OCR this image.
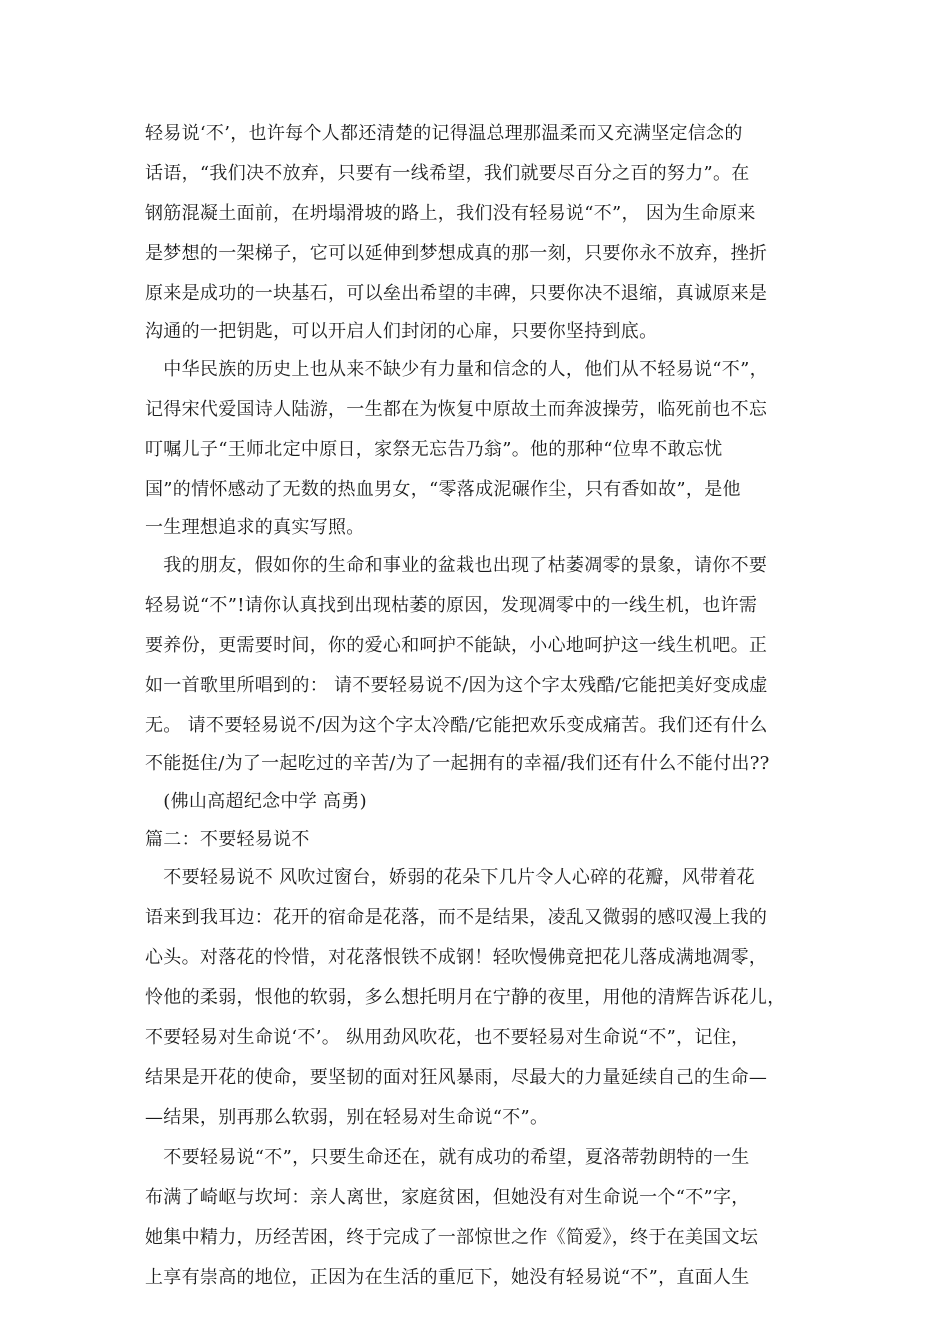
轻易说‘不’，也许每个人都还清楚的记得温总理那温柔而又充满坚定信念的

话语，“我们决不放弃，只要有一线希望，我们就要尽百分之百的努力”。在

钢筋混凝土面前，在坍塌滑坡的路上，我们没有轻易说“不”， 因为生命原来

是梦想的一架梯子，它可以延伸到梦想成真的那一刻，只要你永不放弃，挫折

原来是成功的一块基石，可以垒出希望的丰碑，只要你决不退缩，真诚原来是

沟通的一把钥匙，可以开启人们封闭的心扉，只要你坚持到底。

　中华民族的历史上也从来不缺少有力量和信念的人，他们从不轻易说“不”，

记得宋代爱国诗人陆游，一生都在为恢复中原故土而奔波操劳，临死前也不忘

叮嘱儿子“王师北定中原日，家祭无忘告乃翁”。他的那种“位卑不敢忘忧

国”的情怀感动了无数的热血男女，“零落成泥碾作尘，只有香如故”，是他

一生理想追求的真实写照。

　我的朋友，假如你的生命和事业的盆栽也出现了枯萎凋零的景象，请你不要

轻易说“不”!请你认真找到出现枯萎的原因，发现凋零中的一线生机，也许需

要养份，更需要时间，你的爱心和呵护不能缺，小心地呵护这一线生机吧。正

如一首歌里所唱到的： 请不要轻易说不/因为这个字太残酷/它能把美好变成虚

无。 请不要轻易说不/因为这个字太冷酷/它能把欢乐变成痛苦。我们还有什么

不能挺住/为了一起吃过的辛苦/为了一起拥有的幸福/我们还有什么不能付出??

　(佛山高超纪念中学 高勇)

篇二：不要轻易说不

　不要轻易说不 风吹过窗台，娇弱的花朵下几片令人心碎的花瓣，风带着花

语来到我耳边：花开的宿命是花落，而不是结果，凌乱又微弱的感叹漫上我的

心头。对落花的怜惜，对花落恨铁不成钢！轻吹慢佛竟把花儿落成满地凋零，

怜他的柔弱，恨他的软弱，多么想托明月在宁静的夜里，用他的清辉告诉花儿，

不要轻易对生命说‘不’。 纵用劲风吹花，也不要轻易对生命说“不”，记住，

结果是开花的使命，要坚韧的面对狂风暴雨，尽最大的力量延续自己的生命—

—结果，别再那么软弱，别在轻易对生命说“不”。

　不要轻易说“不”，只要生命还在，就有成功的希望，夏洛蒂勃朗特的一生

布满了崎岖与坎坷：亲人离世，家庭贫困，但她没有对生命说一个“不”字，

她集中精力，历经苦困，终于完成了一部惊世之作《简爱》，终于在美国文坛

上享有崇高的地位，正因为在生活的重厄下，她没有轻易说“不”，直面人生
